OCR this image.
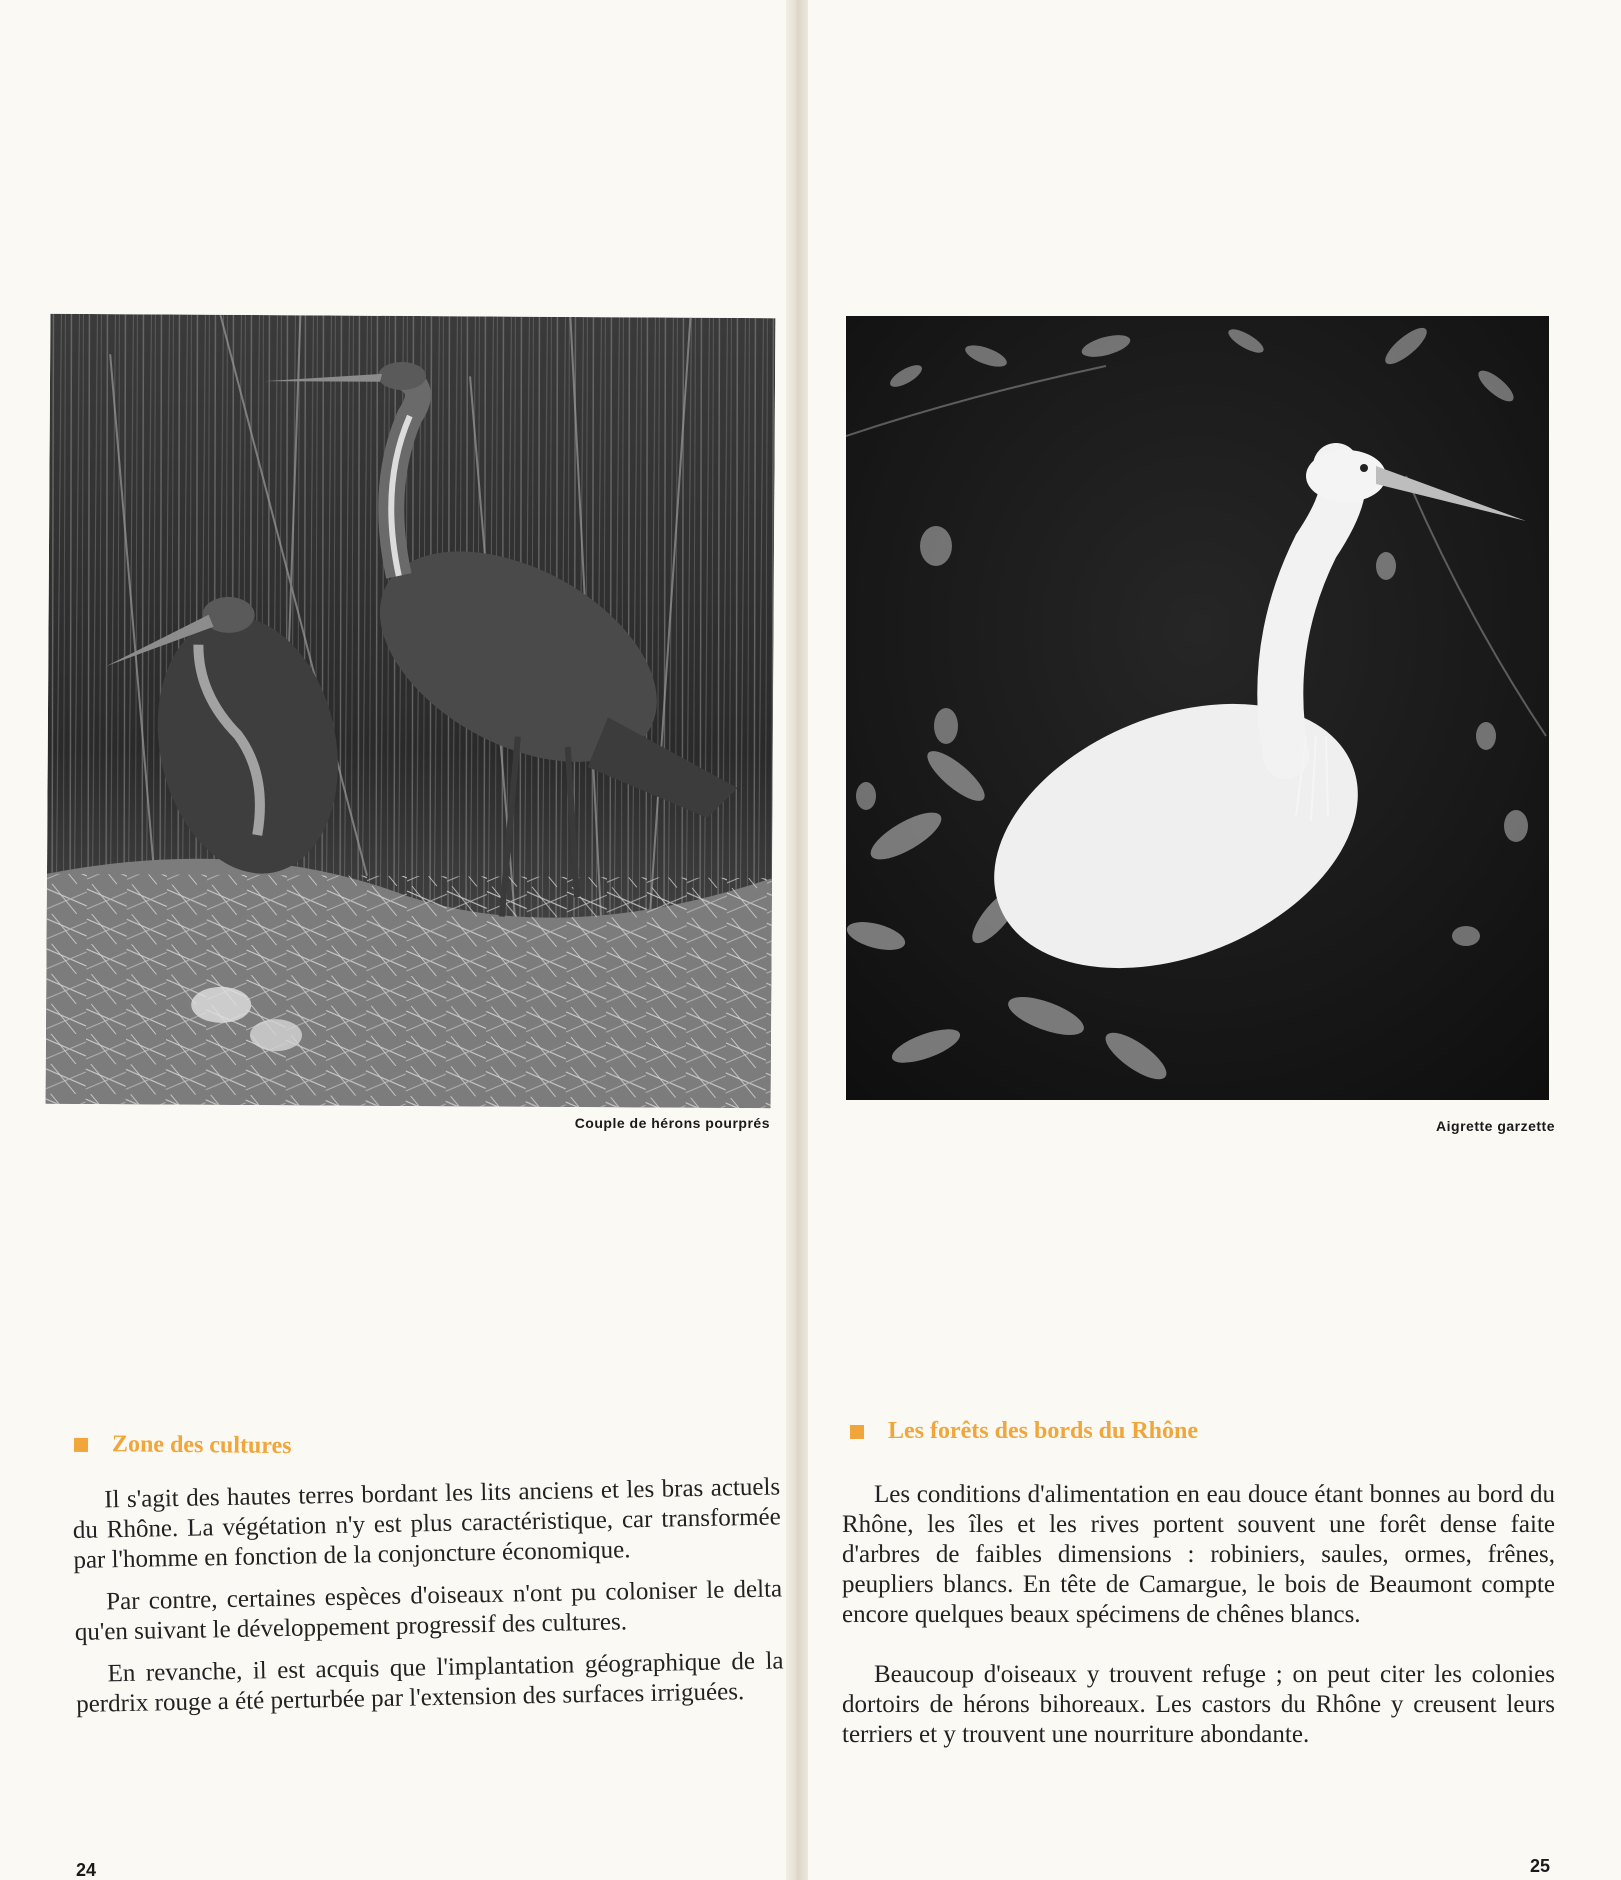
Couple de hérons pourprés
Zone des cultures

Il s'agit des hautes terres bordant les lits anciens et les bras actuels du Rhône. La végétation n'y est plus caractéristique, car transformée par l'homme en fonction de la conjoncture économique.

Par contre, certaines espèces d'oiseaux n'ont pu coloniser le delta qu'en suivant le développement progressif des cultures.

En revanche, il est acquis que l'implantation géographique de la perdrix rouge a été perturbée par l'extension des surfaces irriguées.

24
Aigrette garzette
Les forêts des bords du Rhône

Les conditions d'alimentation en eau douce étant bonnes au bord du Rhône, les îles et les rives portent souvent une forêt dense faite d'arbres de faibles dimensions : robiniers, saules, ormes, frênes, peupliers blancs. En tête de Camargue, le bois de Beaumont compte encore quelques beaux spécimens de chênes blancs.

Beaucoup d'oiseaux y trouvent refuge ; on peut citer les colonies dortoirs de hérons bihoreaux. Les castors du Rhône y creusent leurs terriers et y trouvent une nourriture abondante.

25
